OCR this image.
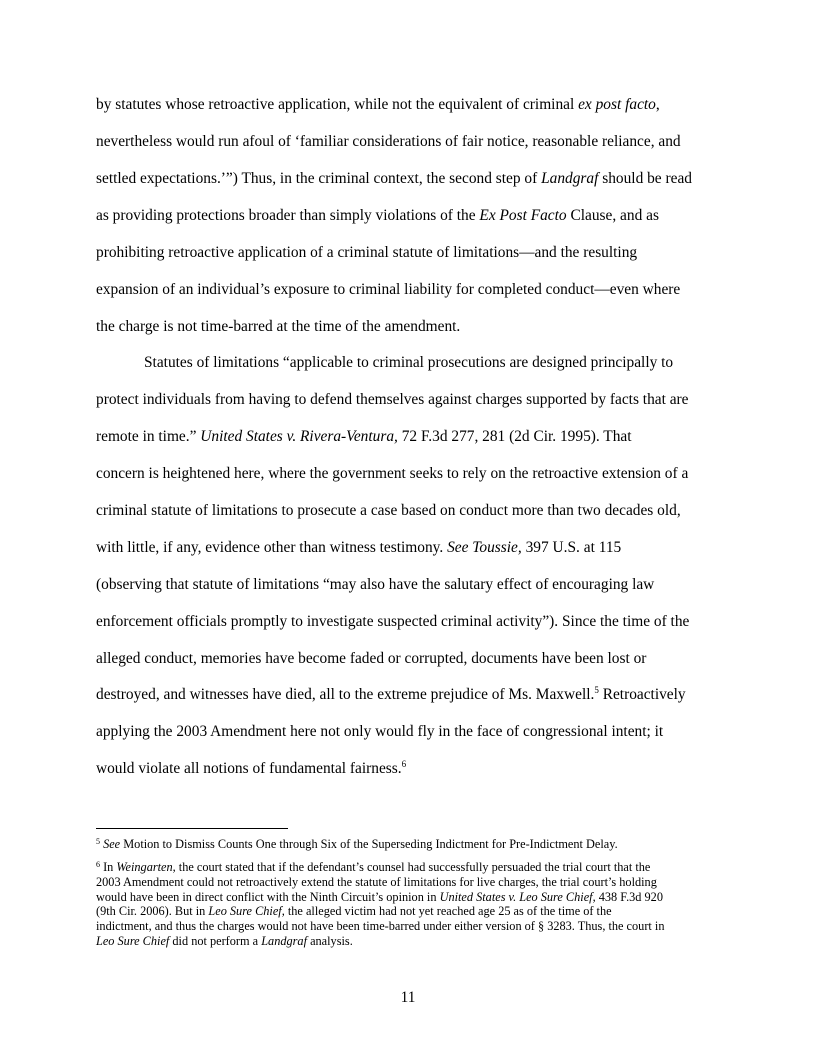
by statutes whose retroactive application, while not the equivalent of criminal ex post facto,
nevertheless would run afoul of ‘familiar considerations of fair notice, reasonable reliance, and
settled expectations.’”) Thus, in the criminal context, the second step of Landgraf should be read
as providing protections broader than simply violations of the Ex Post Facto Clause, and as
prohibiting retroactive application of a criminal statute of limitations—and the resulting
expansion of an individual’s exposure to criminal liability for completed conduct—even where
the charge is not time-barred at the time of the amendment.
Statutes of limitations “applicable to criminal prosecutions are designed principally to
protect individuals from having to defend themselves against charges supported by facts that are
remote in time.” United States v. Rivera-Ventura, 72 F.3d 277, 281 (2d Cir. 1995). That
concern is heightened here, where the government seeks to rely on the retroactive extension of a
criminal statute of limitations to prosecute a case based on conduct more than two decades old,
with little, if any, evidence other than witness testimony. See Toussie, 397 U.S. at 115
(observing that statute of limitations “may also have the salutary effect of encouraging law
enforcement officials promptly to investigate suspected criminal activity”). Since the time of the
alleged conduct, memories have become faded or corrupted, documents have been lost or
destroyed, and witnesses have died, all to the extreme prejudice of Ms. Maxwell.$^5$ Retroactively
applying the 2003 Amendment here not only would fly in the face of congressional intent; it
would violate all notions of fundamental fairness.$^6$
$^5$ See Motion to Dismiss Counts One through Six of the Superseding Indictment for Pre-Indictment Delay.
$^6$ In Weingarten, the court stated that if the defendant’s counsel had successfully persuaded the trial court that the
2003 Amendment could not retroactively extend the statute of limitations for live charges, the trial court’s holding
would have been in direct conflict with the Ninth Circuit’s opinion in United States v. Leo Sure Chief, 438 F.3d 920
(9th Cir. 2006). But in Leo Sure Chief, the alleged victim had not yet reached age 25 as of the time of the
indictment, and thus the charges would not have been time-barred under either version of § 3283. Thus, the court in
Leo Sure Chief did not perform a Landgraf analysis.
11
